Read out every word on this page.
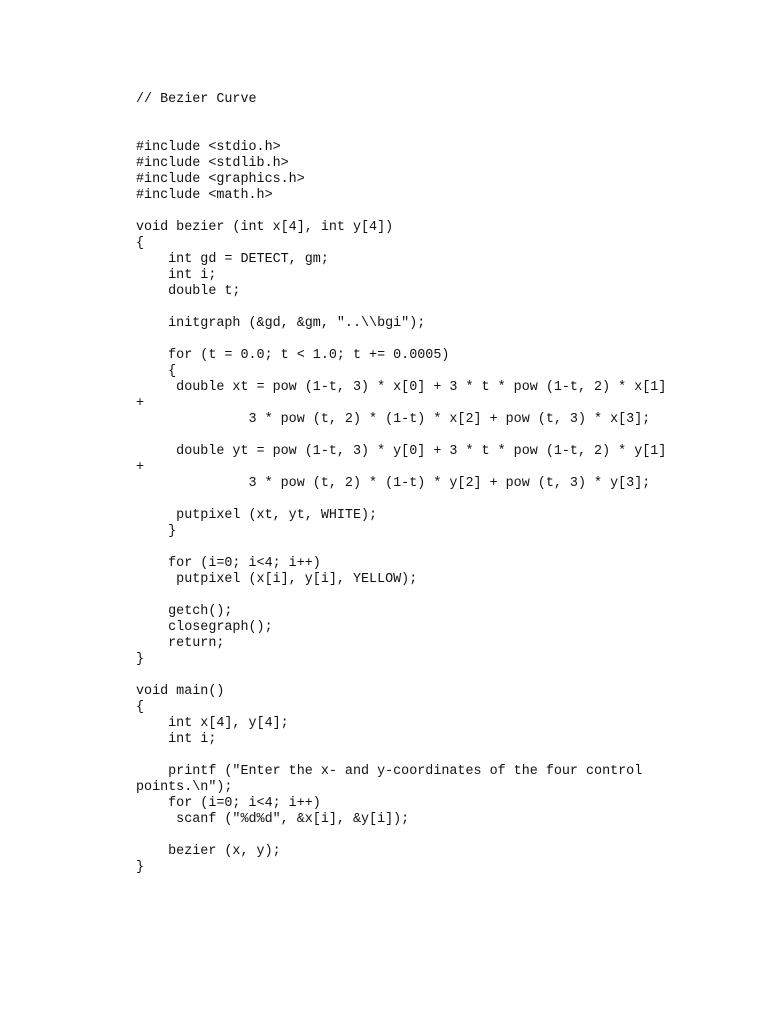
// Bezier Curve
#include <stdio.h>
#include <stdlib.h>
#include <graphics.h>
#include <math.h>
void bezier (int x[4], int y[4])
{
int gd = DETECT, gm;
int i;
double t;
initgraph (&gd, &gm, "..\\bgi");
for (t = 0.0; t < 1.0; t += 0.0005)
{
double xt = pow (1-t, 3) * x[0] + 3 * t * pow (1-t, 2) * x[1]
+
3 * pow (t, 2) * (1-t) * x[2] + pow (t, 3) * x[3];
double yt = pow (1-t, 3) * y[0] + 3 * t * pow (1-t, 2) * y[1]
+
3 * pow (t, 2) * (1-t) * y[2] + pow (t, 3) * y[3];
putpixel (xt, yt, WHITE);
}
for (i=0; i<4; i++)
putpixel (x[i], y[i], YELLOW);
getch();
closegraph();
return;
}
void main()
{
int x[4], y[4];
int i;
printf ("Enter the x- and y-coordinates of the four control
points.\n");
for (i=0; i<4; i++)
scanf ("%d%d", &x[i], &y[i]);
bezier (x, y);
}
